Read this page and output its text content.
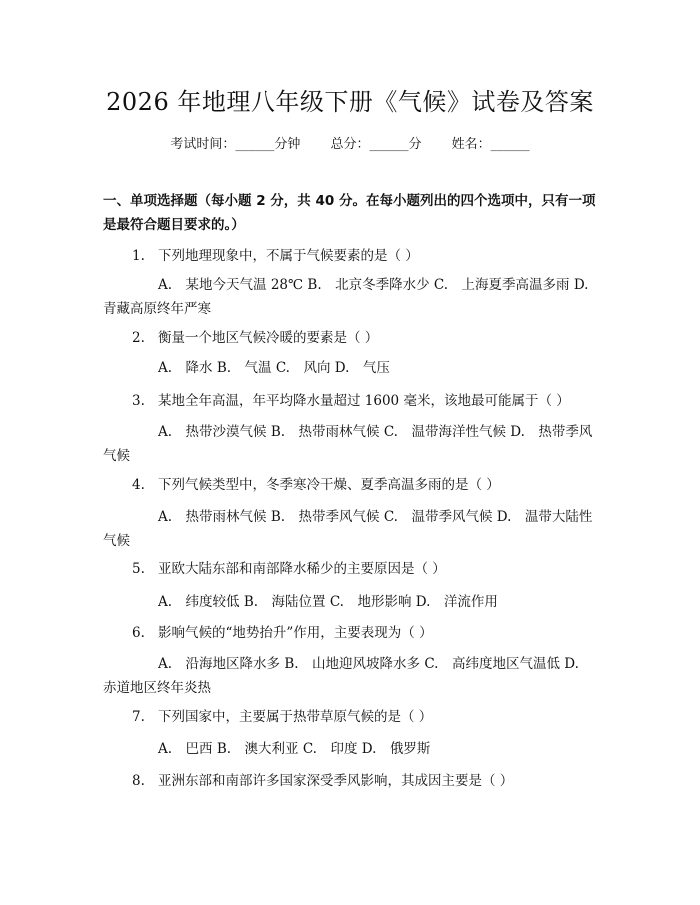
2026 年地理八年级下册《气候》试卷及答案
考试时间：______分钟 总分：______分 姓名：______
一、单项选择题（每小题 2 分，共 40 分。在每小题列出的四个选项中，只有一项是最符合题目要求的。）
1. 下列地理现象中，不属于气候要素的是（ ）
A.　某地今天气温 28℃ B.　北京冬季降水少 C.　上海夏季高温多雨 D.　青藏高原终年严寒
2. 衡量一个地区气候冷暖的要素是（ ）
A.　降水 B.　气温 C.　风向 D.　气压
3. 某地全年高温，年平均降水量超过 1600 毫米，该地最可能属于（ ）
A.　热带沙漠气候 B.　热带雨林气候 C.　温带海洋性气候 D.　热带季风气候
4. 下列气候类型中，冬季寒冷干燥、夏季高温多雨的是（ ）
A.　热带雨林气候 B.　热带季风气候 C.　温带季风气候 D.　温带大陆性气候
5. 亚欧大陆东部和南部降水稀少的主要原因是（ ）
A.　纬度较低 B.　海陆位置 C.　地形影响 D.　洋流作用
6. 影响气候的“地势抬升”作用，主要表现为（ ）
A.　沿海地区降水多 B.　山地迎风坡降水多 C.　高纬度地区气温低 D.　赤道地区终年炎热
7. 下列国家中，主要属于热带草原气候的是（ ）
A.　巴西 B.　澳大利亚 C.　印度 D.　俄罗斯
8. 亚洲东部和南部许多国家深受季风影响，其成因主要是（ ）
